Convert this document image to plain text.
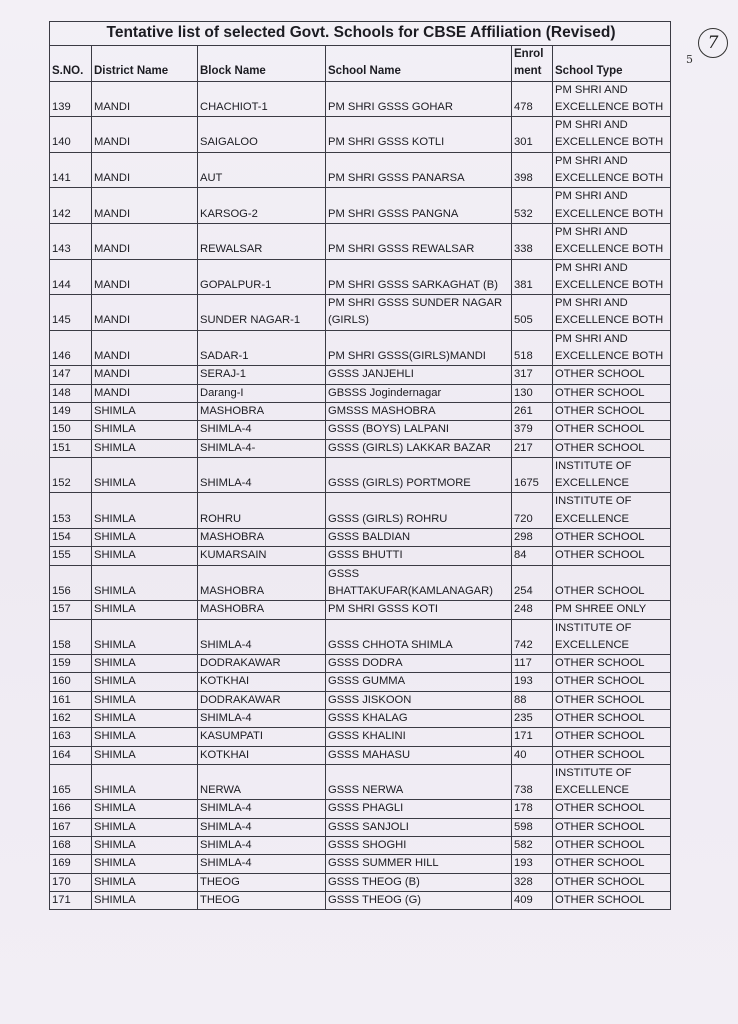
7
5
Tentative list of selected Govt. Schools for CBSE Affiliation (Revised)					
S.NO.	District Name	Block Name	School Name	Enrol ment	School Type
139	MANDI	CHACHIOT-1	PM SHRI GSSS GOHAR	478	PM SHRI AND EXCELLENCE BOTH
140	MANDI	SAIGALOO	PM SHRI GSSS KOTLI	301	PM SHRI AND EXCELLENCE BOTH
141	MANDI	AUT	PM SHRI GSSS PANARSA	398	PM SHRI AND EXCELLENCE BOTH
142	MANDI	KARSOG-2	PM SHRI GSSS PANGNA	532	PM SHRI AND EXCELLENCE BOTH
143	MANDI	REWALSAR	PM SHRI GSSS REWALSAR	338	PM SHRI AND EXCELLENCE BOTH
144	MANDI	GOPALPUR-1	PM SHRI GSSS SARKAGHAT (B)	381	PM SHRI AND EXCELLENCE BOTH
145	MANDI	SUNDER NAGAR-1	PM SHRI GSSS SUNDER NAGAR (GIRLS)	505	PM SHRI AND EXCELLENCE BOTH
146	MANDI	SADAR-1	PM SHRI GSSS(GIRLS)MANDI	518	PM SHRI AND EXCELLENCE BOTH
147	MANDI	SERAJ-1	GSSS JANJEHLI	317	OTHER SCHOOL
148	MANDI	Darang-I	GBSSS Jogindernagar	130	OTHER SCHOOL
149	SHIMLA	MASHOBRA	GMSSS MASHOBRA	261	OTHER SCHOOL
150	SHIMLA	SHIMLA-4	GSSS (BOYS) LALPANI	379	OTHER SCHOOL
151	SHIMLA	SHIMLA-4-	GSSS (GIRLS) LAKKAR BAZAR	217	OTHER SCHOOL
152	SHIMLA	SHIMLA-4	GSSS (GIRLS) PORTMORE	1675	INSTITUTE OF EXCELLENCE
153	SHIMLA	ROHRU	GSSS (GIRLS) ROHRU	720	INSTITUTE OF EXCELLENCE
154	SHIMLA	MASHOBRA	GSSS BALDIAN	298	OTHER SCHOOL
155	SHIMLA	KUMARSAIN	GSSS BHUTTI	84	OTHER SCHOOL
156	SHIMLA	MASHOBRA	GSSS BHATTAKUFAR(KAMLANAGAR)	254	OTHER SCHOOL
157	SHIMLA	MASHOBRA	PM SHRI GSSS KOTI	248	PM SHREE ONLY
158	SHIMLA	SHIMLA-4	GSSS CHHOTA SHIMLA	742	INSTITUTE OF EXCELLENCE
159	SHIMLA	DODRAKAWAR	GSSS DODRA	117	OTHER SCHOOL
160	SHIMLA	KOTKHAI	GSSS GUMMA	193	OTHER SCHOOL
161	SHIMLA	DODRAKAWAR	GSSS JISKOON	88	OTHER SCHOOL
162	SHIMLA	SHIMLA-4	GSSS KHALAG	235	OTHER SCHOOL
163	SHIMLA	KASUMPATI	GSSS KHALINI	171	OTHER SCHOOL
164	SHIMLA	KOTKHAI	GSSS MAHASU	40	OTHER SCHOOL
165	SHIMLA	NERWA	GSSS NERWA	738	INSTITUTE OF EXCELLENCE
166	SHIMLA	SHIMLA-4	GSSS PHAGLI	178	OTHER SCHOOL
167	SHIMLA	SHIMLA-4	GSSS SANJOLI	598	OTHER SCHOOL
168	SHIMLA	SHIMLA-4	GSSS SHOGHI	582	OTHER SCHOOL
169	SHIMLA	SHIMLA-4	GSSS SUMMER HILL	193	OTHER SCHOOL
170	SHIMLA	THEOG	GSSS THEOG (B)	328	OTHER SCHOOL
171	SHIMLA	THEOG	GSSS THEOG (G)	409	OTHER SCHOOL
